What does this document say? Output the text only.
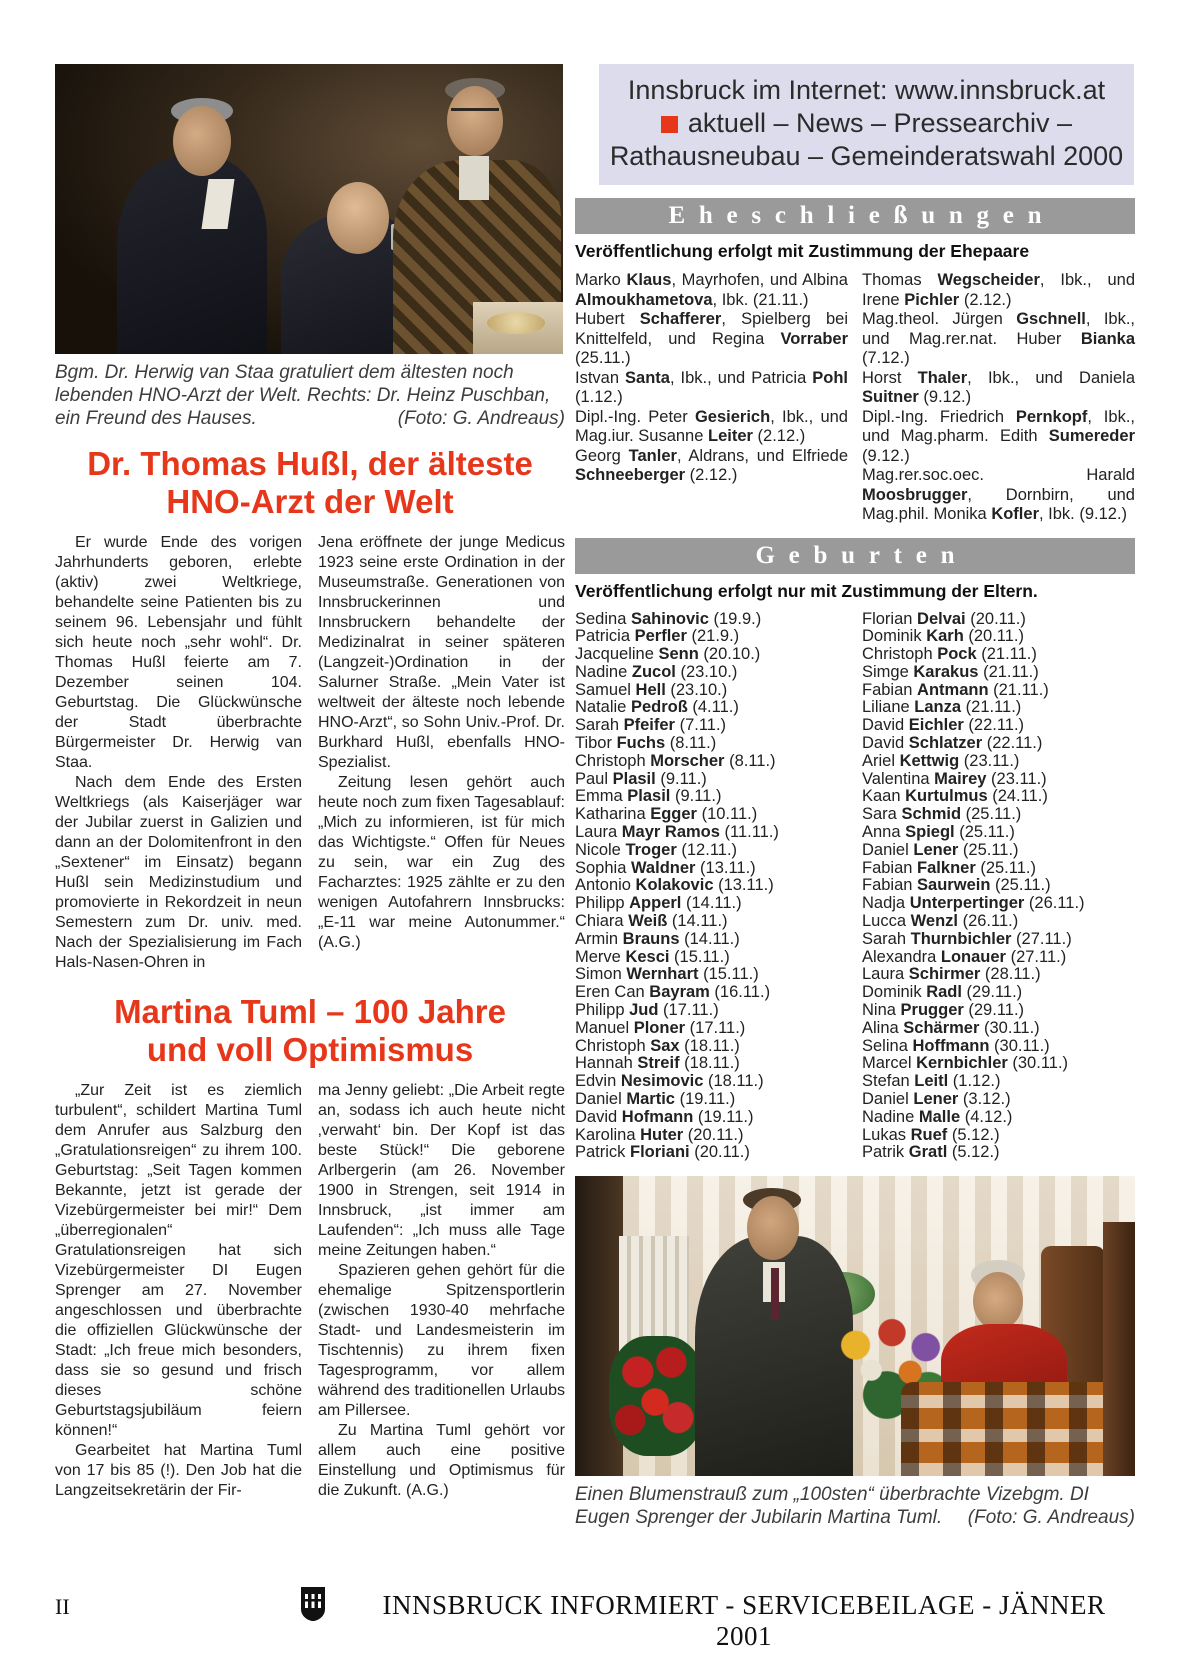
Bgm. Dr. Herwig van Staa gratuliert dem ältesten noch lebenden HNO-Arzt der Welt. Rechts: Dr. Heinz Puschban, ein Freund des Hauses.	(Foto: G. Andreaus)

Dr. Thomas Hußl, der älteste

HNO-Arzt der Welt

Er wurde Ende des vorigen Jahrhunderts geboren, erlebte (aktiv) zwei Weltkriege, behandelte seine Patienten bis zu seinem 96. Lebensjahr und fühlt sich heute noch „sehr wohl“. Dr. Thomas Hußl feierte am 7. Dezember seinen 104. Geburtstag. Die Glückwünsche der Stadt überbrachte Bürgermeister Dr. Herwig van Staa.

Nach dem Ende des Ersten Weltkriegs (als Kaiserjäger war der Jubilar zuerst in Galizien und dann an der Dolomitenfront in den „Sextener“ im Einsatz) begann Hußl sein Medizinstudium und promovierte in Rekordzeit in neun Semestern zum Dr. univ. med. Nach der Spezialisierung im Fach Hals-Nasen-Ohren in

Jena eröffnete der junge Medicus 1923 seine erste Ordination in der Museumstraße. Generationen von Innsbruckerinnen und Innsbruckern behandelte der Medizinalrat in seiner späteren (Langzeit-)Ordination in der Salurner Straße. „Mein Vater ist weltweit der älteste noch lebende HNO-Arzt“, so Sohn Univ.-Prof. Dr. Burkhard Hußl, ebenfalls HNO-Spezialist.

Zeitung lesen gehört auch heute noch zum fixen Tagesablauf: „Mich zu informieren, ist für mich das Wichtigste.“ Offen für Neues zu sein, war ein Zug des Facharztes: 1925 zählte er zu den wenigen Autofahrern Innsbrucks: „E-11 war meine Autonummer.“ (A.G.)

Martina Tuml – 100 Jahre

und voll Optimismus

„Zur Zeit ist es ziemlich turbulent“, schildert Martina Tuml dem Anrufer aus Salzburg den „Gratulationsreigen“ zu ihrem 100. Geburtstag: „Seit Tagen kommen Bekannte, jetzt ist gerade der Vizebürgermeister bei mir!“ Dem „überregionalen“ Gratulationsreigen hat sich Vizebürgermeister DI Eugen Sprenger am 27. November angeschlossen und überbrachte die offiziellen Glückwünsche der Stadt: „Ich freue mich besonders, dass sie so gesund und frisch dieses schöne Geburtstagsjubiläum feiern können!“

Gearbeitet hat Martina Tuml von 17 bis 85 (!). Den Job hat die Langzeitsekretärin der Fir-

ma Jenny geliebt: „Die Arbeit regte an, sodass ich auch heute nicht ‚verwaht‘ bin. Der Kopf ist das beste Stück!“ Die geborene Arlbergerin (am 26. November 1900 in Strengen, seit 1914 in Innsbruck, „ist immer am Laufenden“: „Ich muss alle Tage meine Zeitungen haben.“

Spazieren gehen gehört für die ehemalige Spitzensportlerin (zwischen 1930-40 mehrfache Stadt- und Landesmeisterin im Tischtennis) zu ihrem fixen Tagesprogramm, vor allem während des traditionellen Urlaubs am Pillersee.

Zu Martina Tuml gehört vor allem auch eine positive Einstellung und Optimismus für die Zukunft. (A.G.)

Innsbruck im Internet: www.innsbruck.at
aktuell – News – Pressearchiv –
Rathausneubau – Gemeinderatswahl 2000
Eheschließungen
Veröffentlichung erfolgt mit Zustimmung der Ehepaare
Marko Klaus, Mayrhofen, und Albina Almoukhametova, Ibk. (21.11.)
Hubert Schafferer, Spielberg bei Knittelfeld, und Regina Vorraber (25.11.)
Istvan Santa, Ibk., und Patricia Pohl (1.12.)
Dipl.-Ing. Peter Gesierich, Ibk., und Mag.iur. Susanne Leiter (2.12.)
Georg Tanler, Aldrans, und Elfriede Schneeberger (2.12.)
Thomas Wegscheider, Ibk., und Irene Pichler (2.12.)
Mag.theol. Jürgen Gschnell, Ibk., und Mag.rer.nat. Huber Bianka (7.12.)
Horst Thaler, Ibk., und Daniela Suitner (9.12.)
Dipl.-Ing. Friedrich Pernkopf, Ibk., und Mag.pharm. Edith Sumereder (9.12.)
Mag.rer.soc.oec. Harald Moosbrugger, Dornbirn, und Mag.phil. Monika Kofler, Ibk. (9.12.)
Geburten
Veröffentlichung erfolgt nur mit Zustimmung der Eltern.
Sedina Sahinovic (19.9.)
Patricia Perfler (21.9.)
Jacqueline Senn (20.10.)
Nadine Zucol (23.10.)
Samuel Hell (23.10.)
Natalie Pedroß (4.11.)
Sarah Pfeifer (7.11.)
Tibor Fuchs (8.11.)
Christoph Morscher (8.11.)
Paul Plasil (9.11.)
Emma Plasil (9.11.)
Katharina Egger (10.11.)
Laura Mayr Ramos (11.11.)
Nicole Troger (12.11.)
Sophia Waldner (13.11.)
Antonio Kolakovic (13.11.)
Philipp Apperl (14.11.)
Chiara Weiß (14.11.)
Armin Brauns (14.11.)
Merve Kesci (15.11.)
Simon Wernhart (15.11.)
Eren Can Bayram (16.11.)
Philipp Jud (17.11.)
Manuel Ploner (17.11.)
Christoph Sax (18.11.)
Hannah Streif (18.11.)
Edvin Nesimovic (18.11.)
Daniel Martic (19.11.)
David Hofmann (19.11.)
Karolina Huter (20.11.)
Patrick Floriani (20.11.)
Florian Delvai (20.11.)
Dominik Karh (20.11.)
Christoph Pock (21.11.)
Simge Karakus (21.11.)
Fabian Antmann (21.11.)
Liliane Lanza (21.11.)
David Eichler (22.11.)
David Schlatzer (22.11.)
Ariel Kettwig (23.11.)
Valentina Mairey (23.11.)
Kaan Kurtulmus (24.11.)
Sara Schmid (25.11.)
Anna Spiegl (25.11.)
Daniel Lener (25.11.)
Fabian Falkner (25.11.)
Fabian Saurwein (25.11.)
Nadja Unterpertinger (26.11.)
Lucca Wenzl (26.11.)
Sarah Thurnbichler (27.11.)
Alexandra Lonauer (27.11.)
Laura Schirmer (28.11.)
Dominik Radl (29.11.)
Nina Prugger (29.11.)
Alina Schärmer (30.11.)
Selina Hoffmann (30.11.)
Marcel Kernbichler (30.11.)
Stefan Leitl (1.12.)
Daniel Lener (3.12.)
Nadine Malle (4.12.)
Lukas Ruef (5.12.)
Patrik Gratl (5.12.)
Einen Blumenstrauß zum „100sten“ überbrachte Vizebgm. DI Eugen Sprenger der Jubilarin Martina Tuml.	(Foto: G. Andreaus)
II	INNSBRUCK INFORMIERT - SERVICEBEILAGE - JÄNNER 2001
